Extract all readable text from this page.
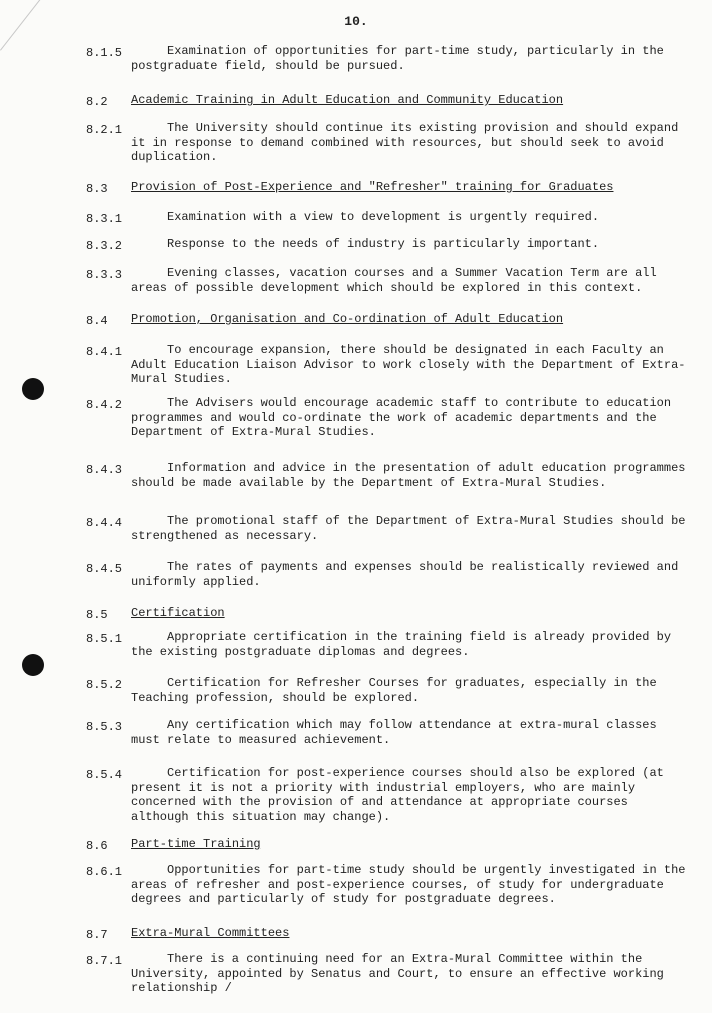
10.
8.1.5	Examination of opportunities for part-time study, particularly in the postgraduate field, should be pursued.
8.2	Academic Training in Adult Education and Community Education
8.2.1	The University should continue its existing provision and should expand it in response to demand combined with resources, but should seek to avoid duplication.
8.3	Provision of Post-Experience and "Refresher" training for Graduates
8.3.1	Examination with a view to development is urgently required.
8.3.2	Response to the needs of industry is particularly important.
8.3.3	Evening classes, vacation courses and a Summer Vacation Term are all areas of possible development which should be explored in this context.
8.4	Promotion, Organisation and Co-ordination of Adult Education
8.4.1	To encourage expansion, there should be designated in each Faculty an Adult Education Liaison Advisor to work closely with the Department of Extra-Mural Studies.
8.4.2	The Advisers would encourage academic staff to contribute to education programmes and would co-ordinate the work of academic departments and the Department of Extra-Mural Studies.
8.4.3	Information and advice in the presentation of adult education programmes should be made available by the Department of Extra-Mural Studies.
8.4.4	The promotional staff of the Department of Extra-Mural Studies should be strengthened as necessary.
8.4.5	The rates of payments and expenses should be realistically reviewed and uniformly applied.
8.5	Certification
8.5.1	Appropriate certification in the training field is already provided by the existing postgraduate diplomas and degrees.
8.5.2	Certification for Refresher Courses for graduates, especially in the Teaching profession, should be explored.
8.5.3	Any certification which may follow attendance at extra-mural classes must relate to measured achievement.
8.5.4	Certification for post-experience courses should also be explored (at present it is not a priority with industrial employers, who are mainly concerned with the provision of and attendance at appropriate courses although this situation may change).
8.6	Part-time Training
8.6.1	Opportunities for part-time study should be urgently investigated in the areas of refresher and post-experience courses, of study for undergraduate degrees and particularly of study for postgraduate degrees.
8.7	Extra-Mural Committees
8.7.1	There is a continuing need for an Extra-Mural Committee within the University, appointed by Senatus and Court, to ensure an effective working relationship /
